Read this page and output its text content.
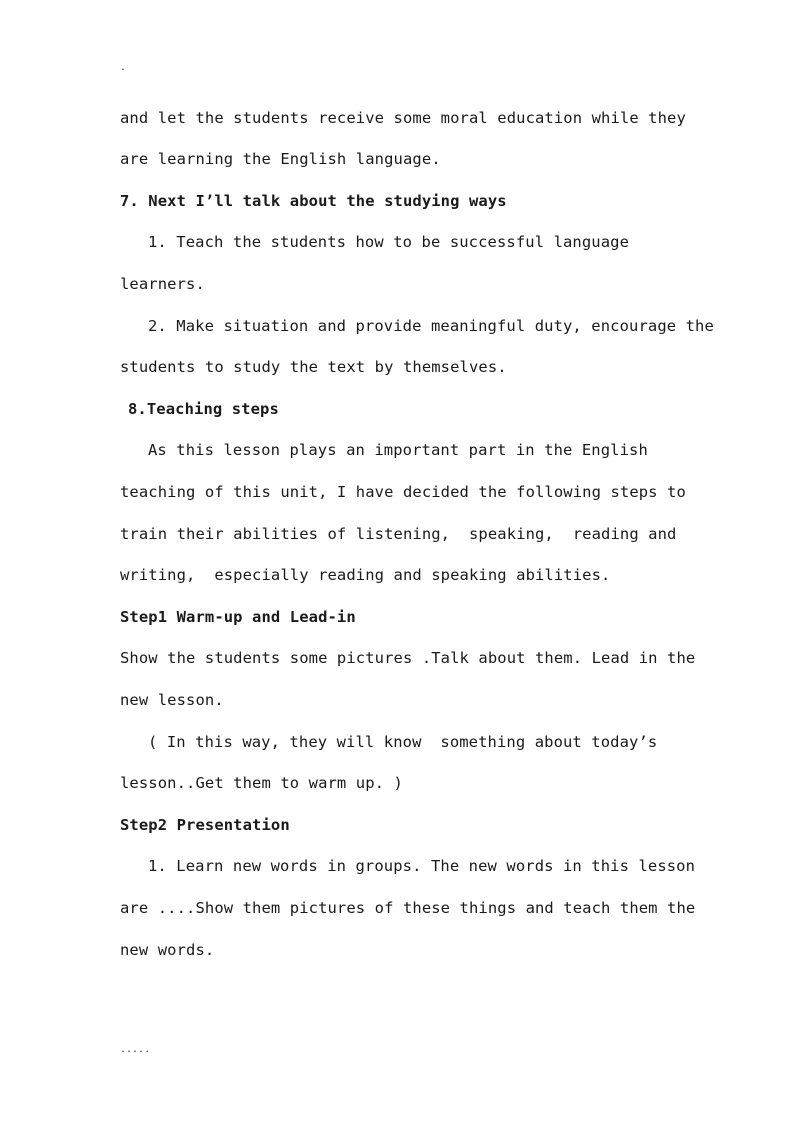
.
and let the students receive some moral education while they
are learning the English language.
7. Next I’ll talk about the studying ways
1. Teach the students how to be successful language
learners.
2. Make situation and provide meaningful duty, encourage the
students to study the text by themselves.
8.Teaching steps
As this lesson plays an important part in the English
teaching of this unit, I have decided the following steps to
train their abilities of listening,  speaking,  reading and
writing,  especially reading and speaking abilities.
Step1 Warm-up and Lead-in
Show the students some pictures .Talk about them. Lead in the
new lesson.
( In this way, they will know  something about today’s
lesson..Get them to warm up. )
Step2 Presentation
1. Learn new words in groups. The new words in this lesson
are ....Show them pictures of these things and teach them the
new words.
.....
